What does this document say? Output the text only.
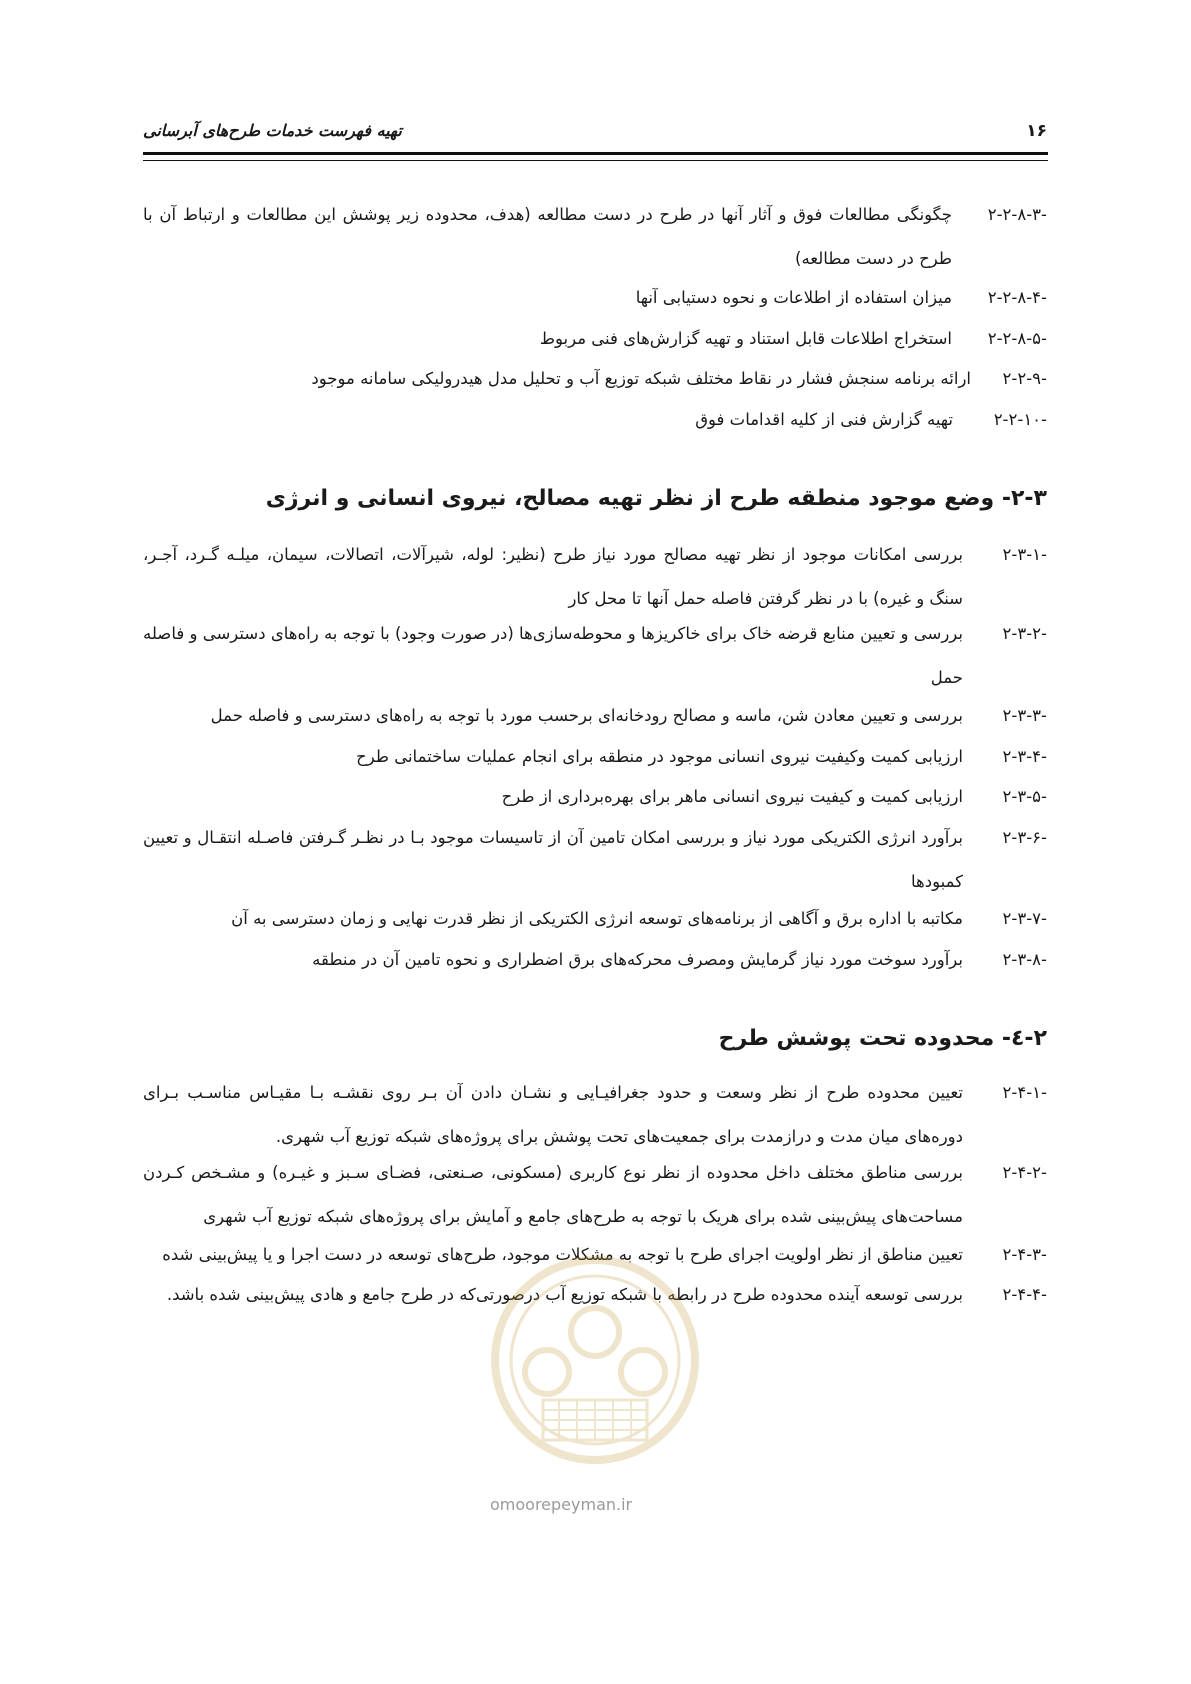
۱۶
تهیه فهرست خدمات طرح‌های آبرسانی
۲-۲-۸-۳-
چگونگی مطالعات فوق و آثار آنها در طرح در دست مطالعه (هدف، محدوده زیر پوشش این مطالعات و ارتباط آن با طرح در دست مطالعه)
۲-۲-۸-۴-
میزان استفاده از اطلاعات و نحوه دستیابی آنها
۲-۲-۸-۵-
استخراج اطلاعات قابل استناد و تهیه گزارش‌های فنی مربوط
۲-۲-۹-
ارائه برنامه سنجش فشار در نقاط مختلف شبکه توزیع آب و تحلیل مدل هیدرولیکی سامانه موجود
۲-۲-۱۰-
تهیه گزارش فنی از کلیه اقدامات فوق
۲-۳- وضع موجود منطقه طرح از نظر تهیه مصالح، نیروی انسانی و انرژی
۲-۳-۱-
بررسی امکانات موجود از نظر تهیه مصالح مورد نیاز طرح (نظیر: لوله، شیرآلات، اتصالات، سیمان، میلـه گـرد، آجـر، سنگ و غیره) با در نظر گرفتن فاصله حمل آنها تا محل کار
۲-۳-۲-
بررسی و تعیین منابع قرضه خاک برای خاکریزها و محوطه‌سازی‌ها (در صورت وجود) با توجه به راه‌های دسترسی و فاصله حمل
۲-۳-۳-
بررسی و تعیین معادن شن، ماسه و مصالح رودخانه‌ای برحسب مورد با توجه به راه‌های دسترسی و فاصله حمل
۲-۳-۴-
ارزیابی کمیت وکیفیت نیروی انسانی موجود در منطقه برای انجام عملیات ساختمانی طرح
۲-۳-۵-
ارزیابی کمیت و کیفیت نیروی انسانی ماهر برای بهره‌برداری از طرح
۲-۳-۶-
برآورد انرژی الکتریکی مورد نیاز و بررسی امکان تامین آن از تاسیسات موجود بـا در نظـر گـرفتن فاصـله انتقـال و تعیین کمبودها
۲-۳-۷-
مکاتبه با اداره برق و آگاهی از برنامه‌های توسعه انرژی الکتریکی از نظر قدرت نهایی و زمان دسترسی به آن
۲-۳-۸-
برآورد سوخت مورد نیاز گرمایش ومصرف محرکه‌های برق اضطراری و نحوه تامین آن در منطقه
۲-٤- محدوده تحت پوشش طرح
۲-۴-۱-
تعیین محدوده طرح از نظر وسعت و حدود جغرافیـایی و نشـان دادن آن بـر روی نقشـه بـا مقیـاس مناسـب بـرای دوره‌های میان مدت و درازمدت برای جمعیت‌های تحت پوشش برای پروژه‌های شبکه توزیع آب شهری.
۲-۴-۲-
بررسی مناطق مختلف داخل محدوده از نظر نوع کاربری (مسکونی، صـنعتی، فضـای سـبز و غیـره) و مشـخص کـردن مساحت‌های پیش‌بینی شده برای هریک با توجه به طرح‌های جامع و آمایش برای پروژه‌های شبکه توزیع آب شهری
۲-۴-۳-
تعیین مناطق از نظر اولویت اجرای طرح با توجه به مشکلات موجود، طرح‌های توسعه در دست اجرا و یا پیش‌بینی شده
۲-۴-۴-
بررسی توسعه آینده محدوده طرح در رابطه با شبکه توزیع آب درصورتی‌که در طرح جامع و هادی پیش‌بینی شده باشد.
omoorepeyman.ir
